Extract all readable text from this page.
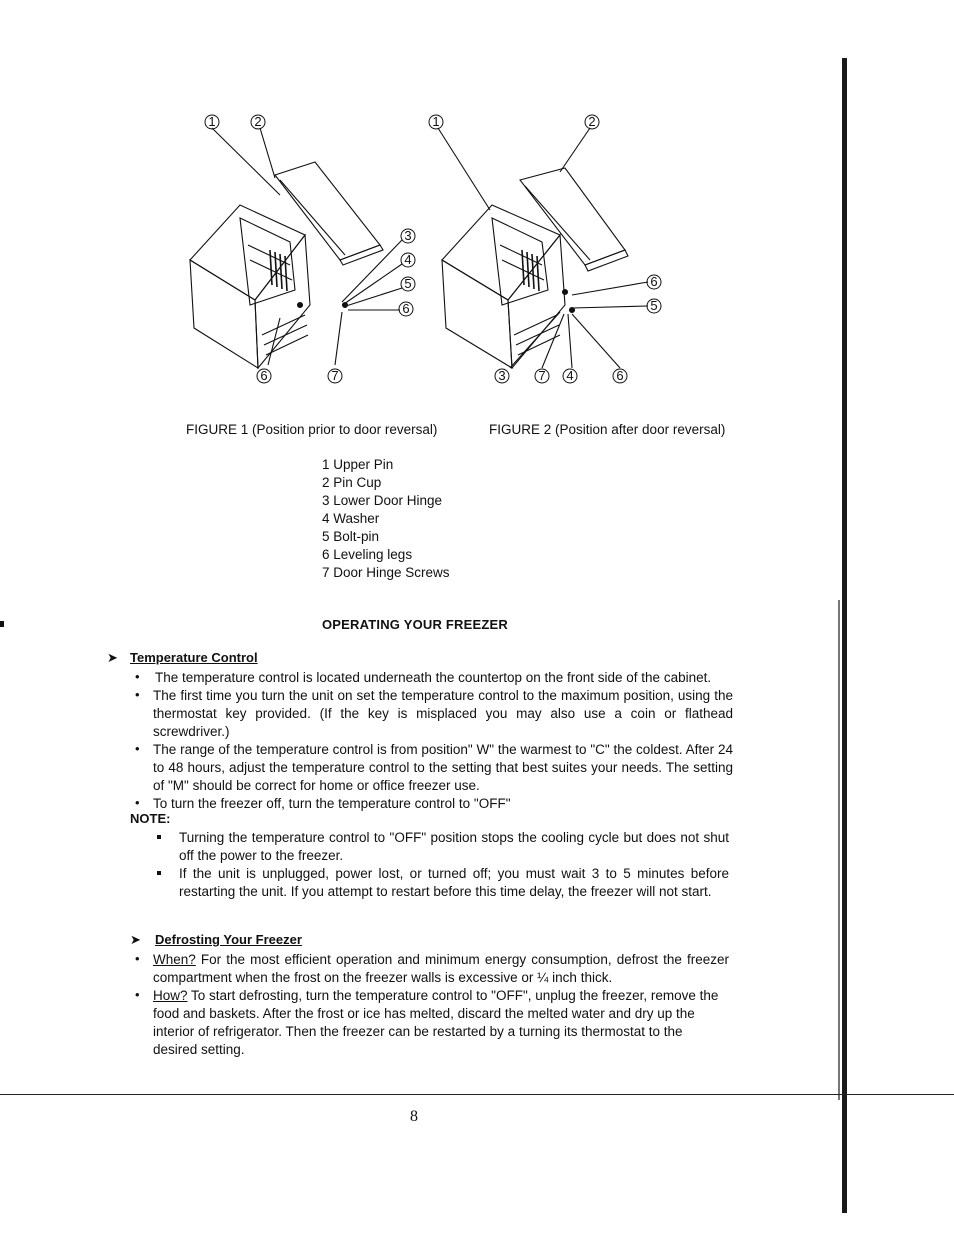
1	2
3
4
5
6
6	7
1	2
6
5
3	7 4	6
FIGURE 1 (Position prior to door reversal)	FIGURE 2 (Position after door reversal)
1 Upper Pin
2 Pin Cup
3 Lower Door Hinge
4 Washer
5 Bolt-pin
6 Leveling legs
7 Door Hinge Screws
OPERATING YOUR FREEZER
➤ Temperature Control
• The temperature control is located underneath the countertop on the front side of the cabinet.
• The first time you turn the unit on set the temperature control to the maximum position, using the thermostat key provided. (If the key is misplaced you may also use a coin or flathead screwdriver.)
• The range of the temperature control is from position" W" the warmest to "C" the coldest. After 24 to 48 hours, adjust the temperature control to the setting that best suites your needs. The setting of "M" should be correct for home or office freezer use.
• To turn the freezer off, turn the temperature control to "OFF"
NOTE:
Turning the temperature control to "OFF" position stops the cooling cycle but does not shut off the power to the freezer.
If the unit is unplugged, power lost, or turned off; you must wait 3 to 5 minutes before restarting the unit. If you attempt to restart before this time delay, the freezer will not start.
➤ Defrosting Your Freezer
• When? For the most efficient operation and minimum energy consumption, defrost the freezer compartment when the frost on the freezer walls is excessive or ¼ inch thick.
• How? To start defrosting, turn the temperature control to "OFF", unplug the freezer, remove the food and baskets. After the frost or ice has melted, discard the melted water and dry up the interior of refrigerator. Then the freezer can be restarted by a turning its thermostat to the desired setting.
8
